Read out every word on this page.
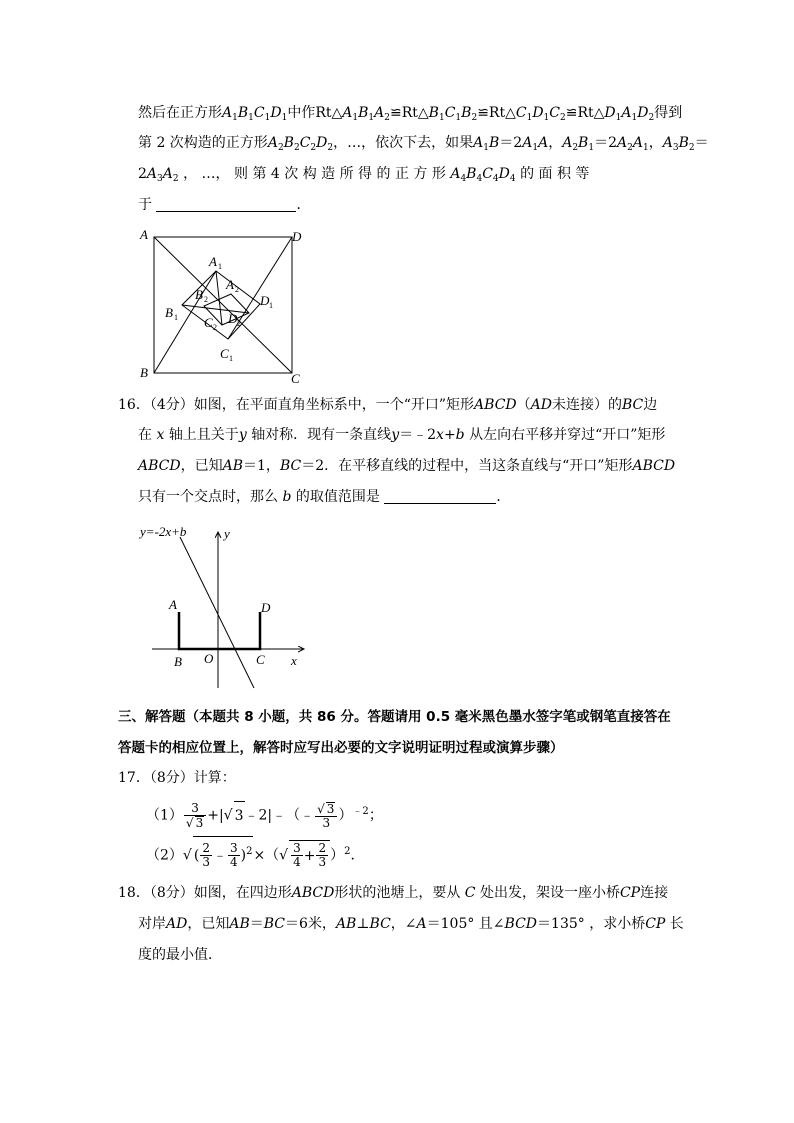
然后在正方形$A_1B_1C_1D_1$中作$Rt\triangle A_1B_1A_2≌Rt\triangle B_1C_1B_2≌Rt\triangle C_1D_1C_2≌Rt\triangle D_1A_1D_2$得到
第 2 次构造的正方形$A_2B_2C_2D_2$，…，依次下去，如果$A_1B=2A_1A$，$A_2B_1=2A_2A_1$，$A_3B_2=$
$2A_3A_2$ ， …， 则 第 4 次 构 造 所 得 的 正 方 形 $A_4B_4C_4D_4$ 的 面 积 等
于	．
A
B	C
D
A
B
C
D
A
B
C D
1
1
1
1
2
2
2	2
16．（4分）如图，在平面直角坐标系中，一个“开口”矩形ABCD（AD未连接）的BC边
在 x 轴上且关于y 轴对称．现有一条直线y＝﹣2x+b 从左向右平移并穿过“开口”矩形
ABCD，已知AB＝1，BC＝2．在平移直线的过程中，当这条直线与“开口”矩形ABCD
只有一个交点时，那么 b 的取值范围是	．
y=-2x+b	y
x
A
B	C
D
O
三、解答题（本题共 8 小题，共 86 分。答题请用 0.5 毫米黑色墨水签字笔或钢笔直接答在
答题卡的相应位置上，解答时应写出必要的文字说明证明过程或演算步骤）
17．（8分）计算：
$(1) \frac{3}{√ 3}$ +|√ 3﹣2|﹣（﹣ $\frac{√ 3}{3} )^{﹣2}$；
（2）√ ( $\frac{2}{3}$ ﹣ $\frac{3}{4} )^2\times(√ \frac{3}{4} + \frac{2}{3} )^2$．
18．（8分）如图，在四边形ABCD形状的池塘上，要从 C 处出发，架设一座小桥CP连接
对岸AD，已知AB＝BC＝6米，AB⊥BC，∠A＝105° 且∠BCD＝135° ，求小桥CP 长
度的最小值．
